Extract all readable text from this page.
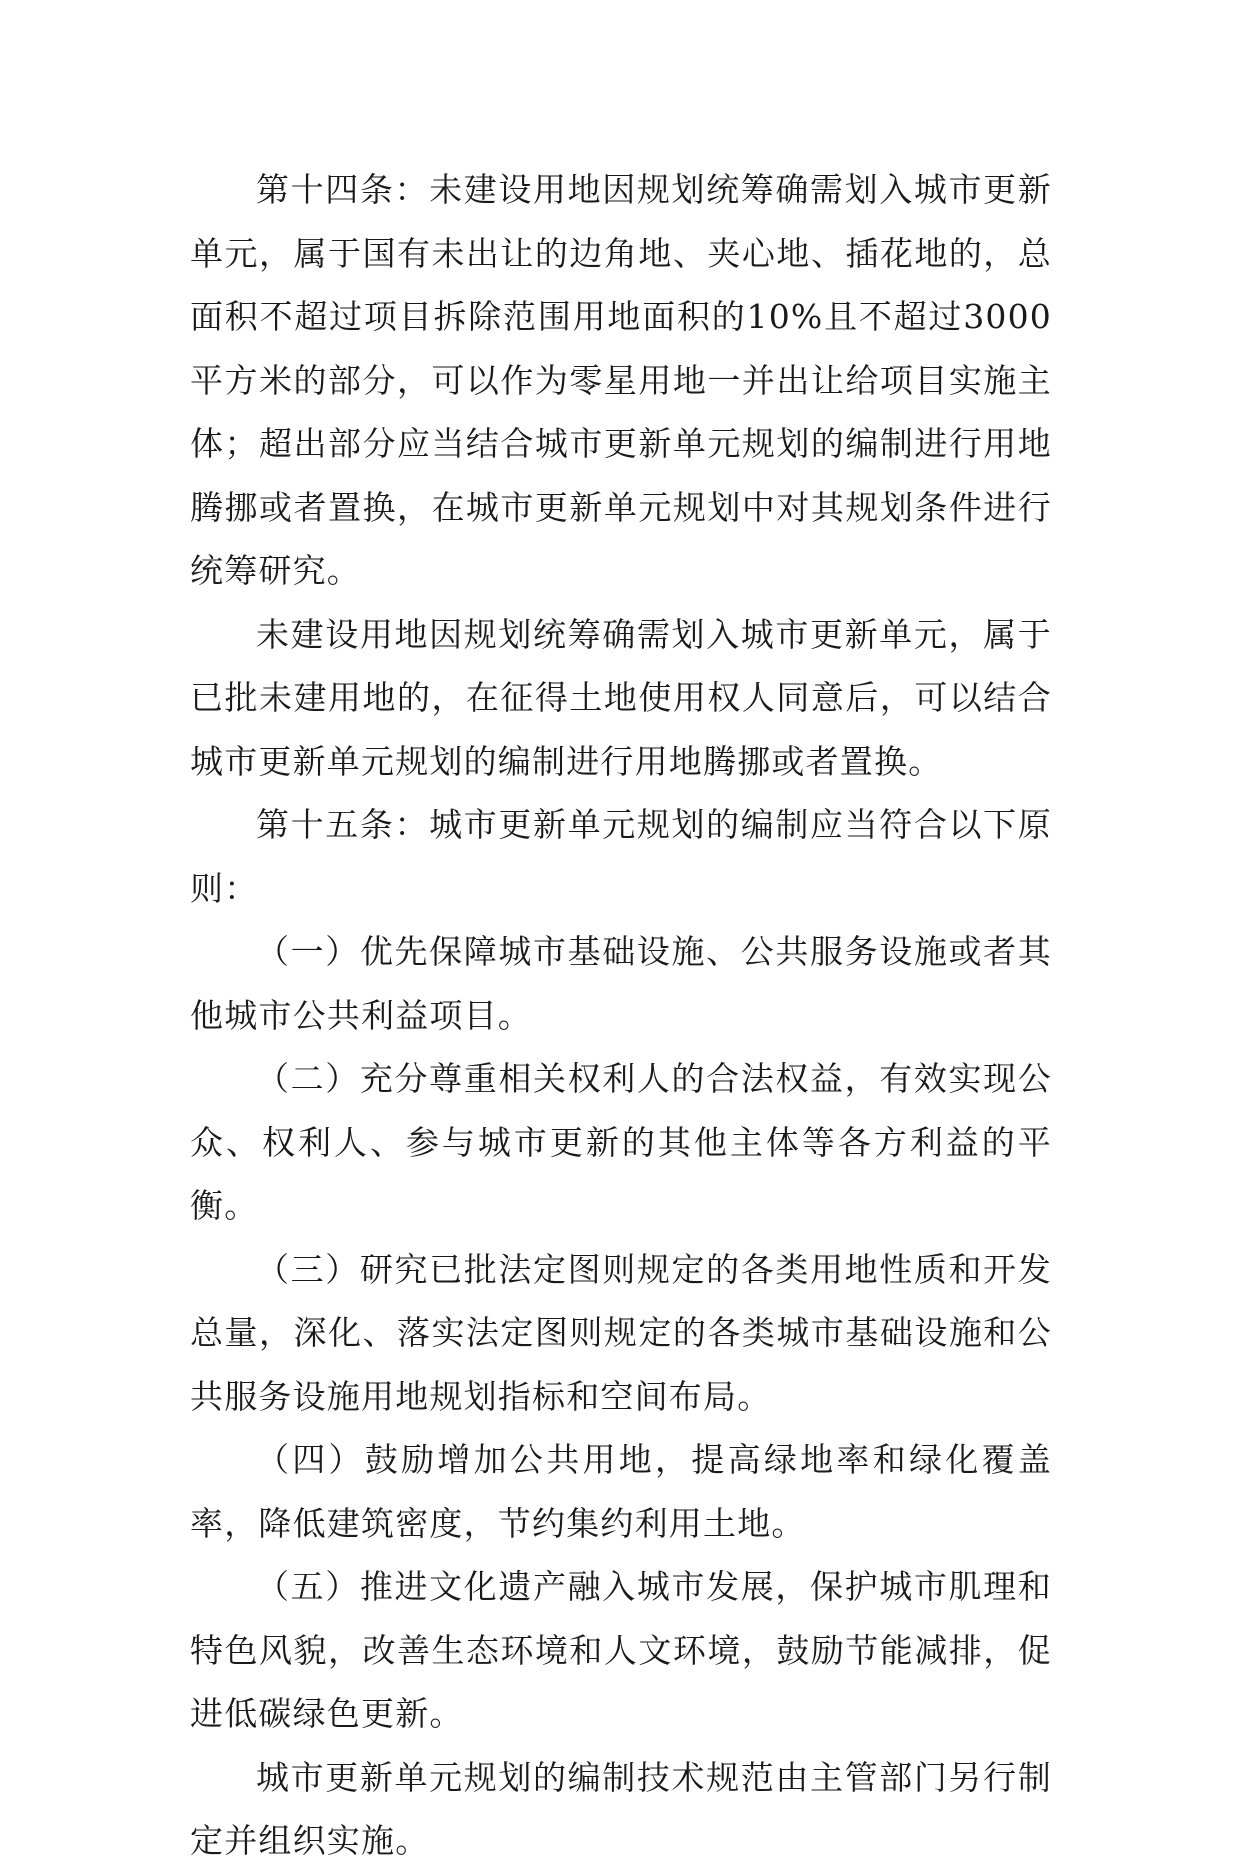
第十四条：未建设用地因规划统筹确需划入城市更新单元，属于国有未出让的边角地、夹心地、插花地的，总面积不超过项目拆除范围用地面积的10%且不超过3000平方米的部分，可以作为零星用地一并出让给项目实施主体；超出部分应当结合城市更新单元规划的编制进行用地腾挪或者置换，在城市更新单元规划中对其规划条件进行统筹研究。

未建设用地因规划统筹确需划入城市更新单元，属于已批未建用地的，在征得土地使用权人同意后，可以结合城市更新单元规划的编制进行用地腾挪或者置换。

第十五条：城市更新单元规划的编制应当符合以下原则：

（一）优先保障城市基础设施、公共服务设施或者其他城市公共利益项目。

（二）充分尊重相关权利人的合法权益，有效实现公众、权利人、参与城市更新的其他主体等各方利益的平衡。

（三）研究已批法定图则规定的各类用地性质和开发总量，深化、落实法定图则规定的各类城市基础设施和公共服务设施用地规划指标和空间布局。

（四）鼓励增加公共用地，提高绿地率和绿化覆盖率，降低建筑密度，节约集约利用土地。

（五）推进文化遗产融入城市发展，保护城市肌理和特色风貌，改善生态环境和人文环境，鼓励节能减排，促进低碳绿色更新。

城市更新单元规划的编制技术规范由主管部门另行制定并组织实施。
